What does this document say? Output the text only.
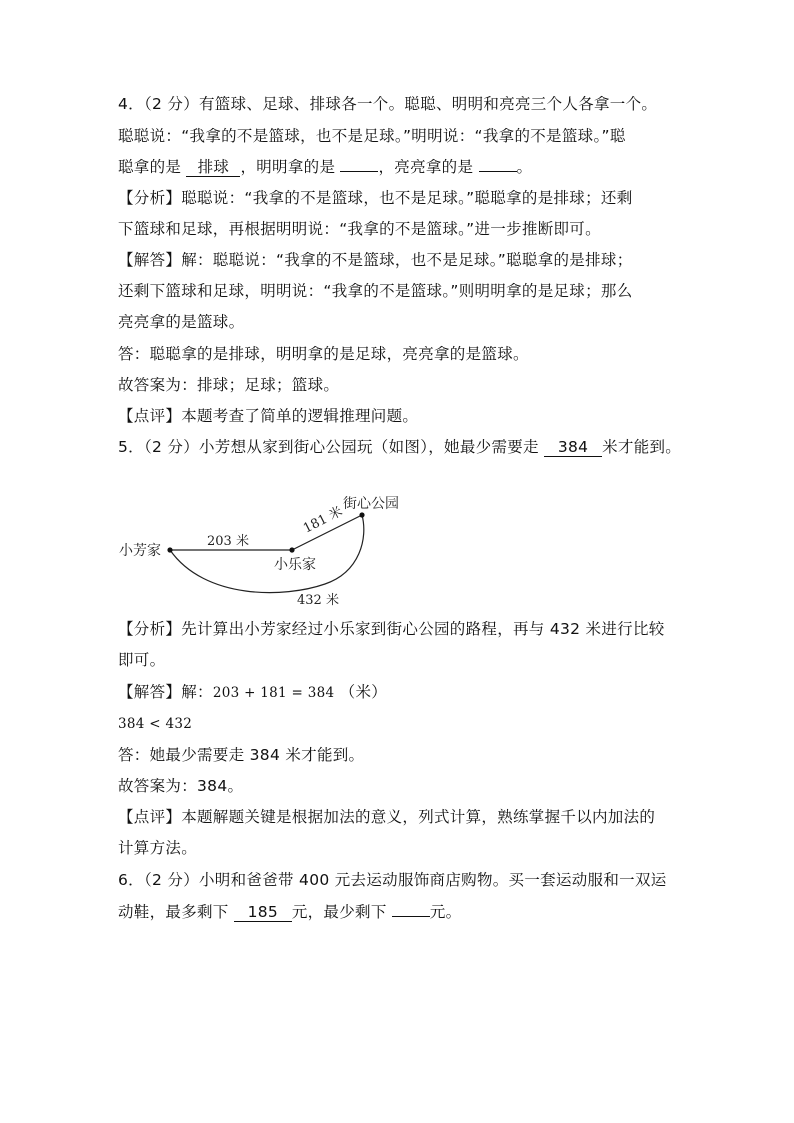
4．（2 分）有篮球、足球、排球各一个。聪聪、明明和亮亮三个人各拿一个。
聪聪说：“我拿的不是篮球，也不是足球。”明明说：“我拿的不是篮球。”聪
聪拿的是 排球 ，明明拿的是 ，亮亮拿的是 。
【分析】聪聪说：“我拿的不是篮球，也不是足球。”聪聪拿的是排球；还剩
下篮球和足球，再根据明明说：“我拿的不是篮球。”进一步推断即可。
【解答】解：聪聪说：“我拿的不是篮球，也不是足球。”聪聪拿的是排球；
还剩下篮球和足球，明明说：“我拿的不是篮球。”则明明拿的是足球；那么
亮亮拿的是篮球。
答：聪聪拿的是排球，明明拿的是足球，亮亮拿的是篮球。
故答案为：排球；足球；篮球。
【点评】本题考查了简单的逻辑推理问题。
5．（2 分）小芳想从家到街心公园玩（如图），她最少需要走 384 米才能到。
小芳家
小乐家
街心公园
203 米
181 米
432 米
【分析】先计算出小芳家经过小乐家到街心公园的路程，再与 432 米进行比较
即可。
【解答】解：203 + 181 = 384 （米）
384 < 432
答：她最少需要走 384 米才能到。
故答案为：384。
【点评】本题解题关键是根据加法的意义，列式计算，熟练掌握千以内加法的
计算方法。
6．（2 分）小明和爸爸带 400 元去运动服饰商店购物。买一套运动服和一双运
动鞋，最多剩下 185 元，最少剩下 元。
